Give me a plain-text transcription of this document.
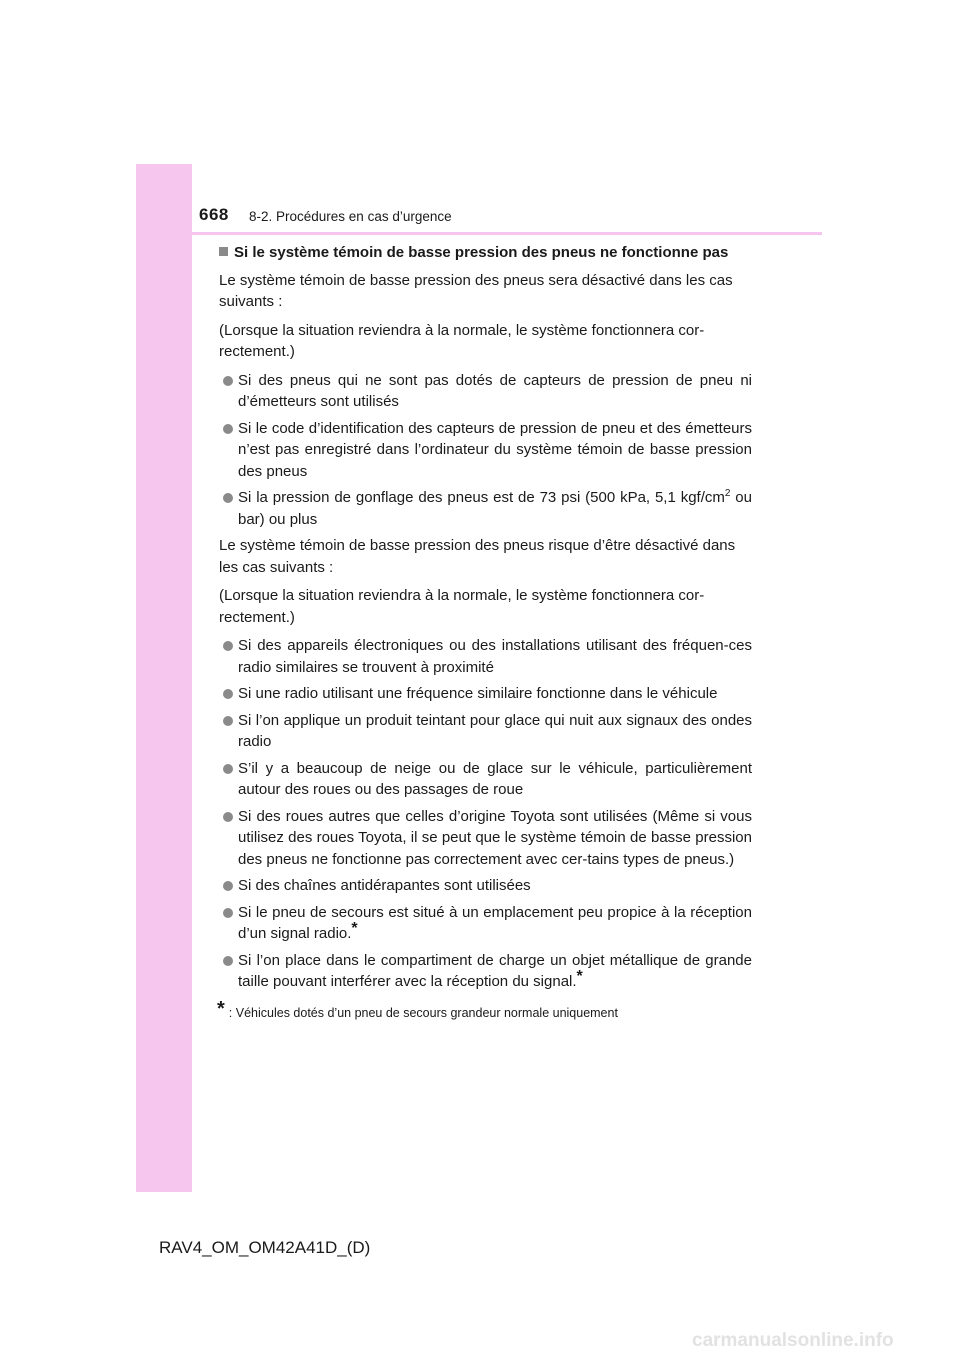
668 8-2. Procédures en cas d’urgence
Si le système témoin de basse pression des pneus ne fonctionne pas

Le système témoin de basse pression des pneus sera désactivé dans les cas suivants :

(Lorsque la situation reviendra à la normale, le système fonctionnera cor-rectement.)

Si des pneus qui ne sont pas dotés de capteurs de pression de pneu ni d’émetteurs sont utilisés
Si le code d’identification des capteurs de pression de pneu et des émetteurs n’est pas enregistré dans l’ordinateur du système témoin de basse pression des pneus
Si la pression de gonflage des pneus est de 73 psi (500 kPa, 5,1 kgf/$cm^2$ ou bar) ou plus

Le système témoin de basse pression des pneus risque d’être désactivé dans les cas suivants :

(Lorsque la situation reviendra à la normale, le système fonctionnera cor-rectement.)

Si des appareils électroniques ou des installations utilisant des fréquen-ces radio similaires se trouvent à proximité
Si une radio utilisant une fréquence similaire fonctionne dans le véhicule
Si l’on applique un produit teintant pour glace qui nuit aux signaux des ondes radio
S’il y a beaucoup de neige ou de glace sur le véhicule, particulièrement autour des roues ou des passages de roue
Si des roues autres que celles d’origine Toyota sont utilisées (Même si vous utilisez des roues Toyota, il se peut que le système témoin de basse pression des pneus ne fonctionne pas correctement avec cer-tains types de pneus.)
Si des chaînes antidérapantes sont utilisées
Si le pneu de secours est situé à un emplacement peu propice à la réception d’un signal radio.*
Si l’on place dans le compartiment de charge un objet métallique de grande taille pouvant interférer avec la réception du signal.*
* : Véhicules dotés d’un pneu de secours grandeur normale uniquement
RAV4_OM_OM42A41D_(D)
carmanualsonline.info
